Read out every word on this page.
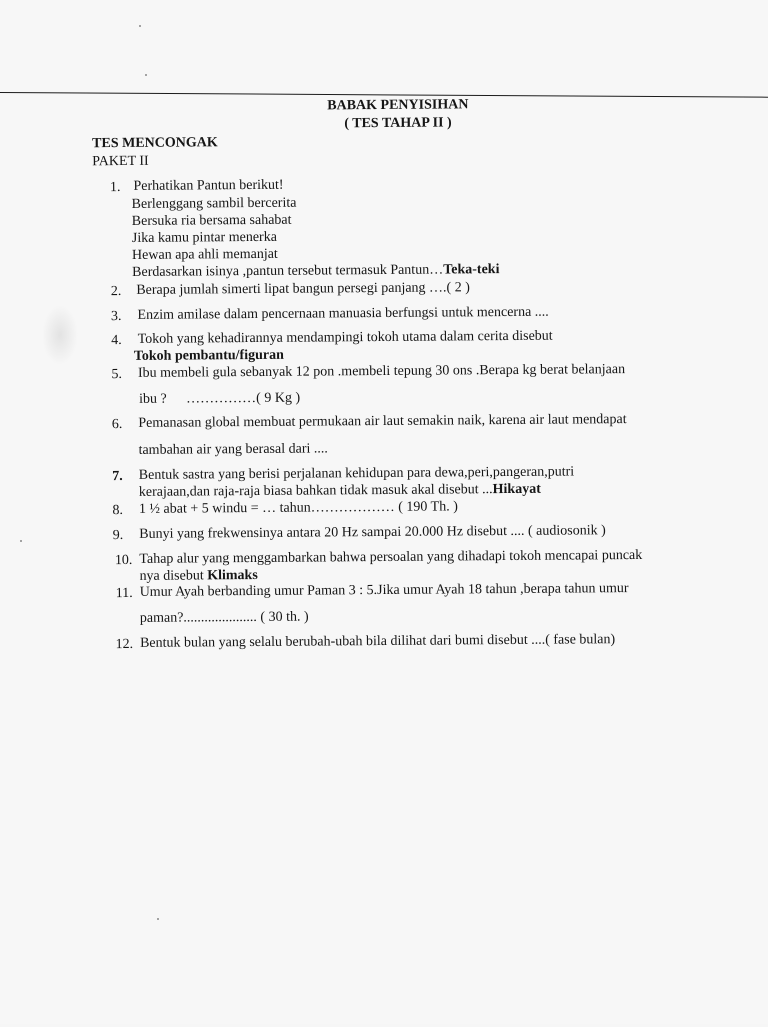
BABAK PENYISIHAN
( TES TAHAP II )
TES MENCONGAK
PAKET II
1. Perhatikan Pantun berikut!
Berlenggang sambil bercerita
Bersuka ria bersama sahabat
Jika kamu pintar menerka
Hewan apa ahli memanjat
Berdasarkan isinya ,pantun tersebut termasuk Pantun…Teka-teki
2. Berapa jumlah simerti lipat bangun persegi panjang ….( 2 )
3. Enzim amilase dalam pencernaan manuasia berfungsi untuk mencerna ....
4. Tokoh yang kehadirannya mendampingi tokoh utama dalam cerita disebut
Tokoh pembantu/figuran
5. Ibu membeli gula sebanyak 12 pon .membeli tepung 30 ons .Berapa kg berat belanjaan
ibu ? ……………( 9 Kg )
6. Pemanasan global membuat permukaan air laut semakin naik, karena air laut mendapat
tambahan air yang berasal dari ....
7. Bentuk sastra yang berisi perjalanan kehidupan para dewa,peri,pangeran,putri
kerajaan,dan raja-raja biasa bahkan tidak masuk akal disebut ...Hikayat
8. 1 ½ abat + 5 windu = … tahun……………… ( 190 Th. )
9. Bunyi yang frekwensinya antara 20 Hz sampai 20.000 Hz disebut .... ( audiosonik )
10. Tahap alur yang menggambarkan bahwa persoalan yang dihadapi tokoh mencapai puncak
nya disebut Klimaks
11. Umur Ayah berbanding umur Paman 3 : 5.Jika umur Ayah 18 tahun ,berapa tahun umur
paman?..................... ( 30 th. )
12. Bentuk bulan yang selalu berubah-ubah bila dilihat dari bumi disebut ....( fase bulan)
